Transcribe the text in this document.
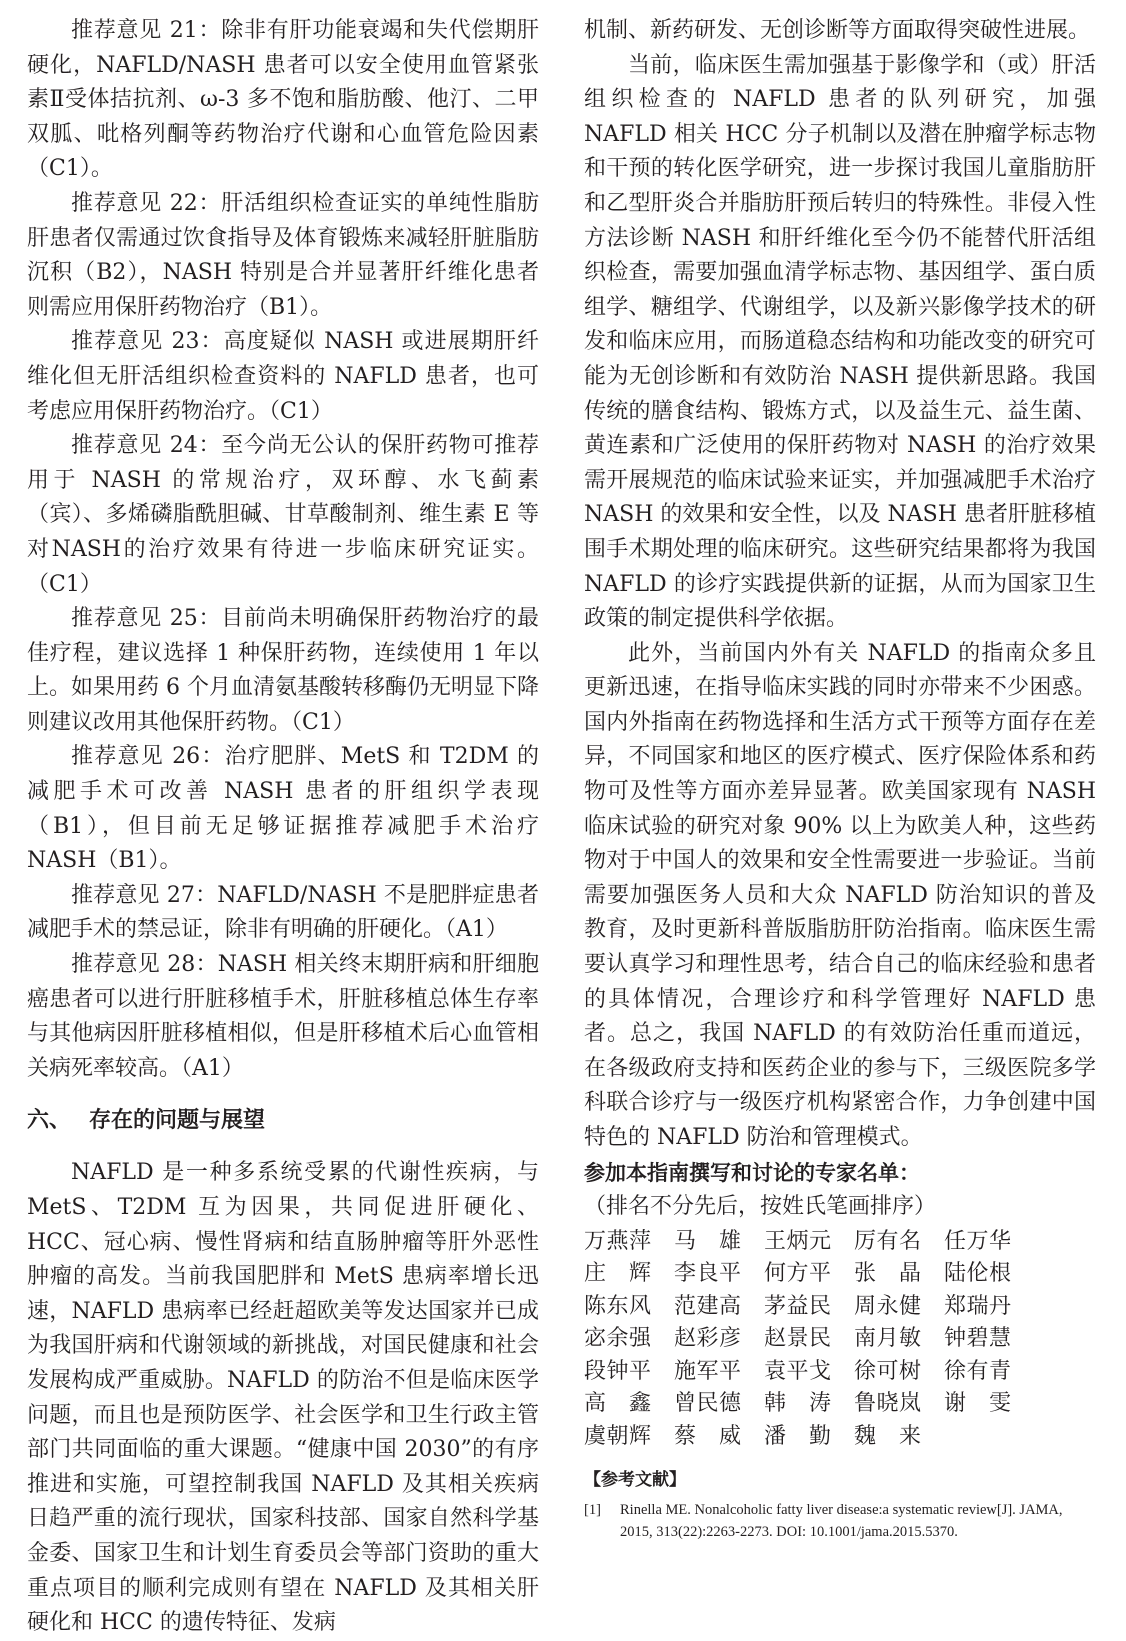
推荐意见 21：除非有肝功能衰竭和失代偿期肝硬化，NAFLD/NASH 患者可以安全使用血管紧张素Ⅱ受体拮抗剂、ω-3 多不饱和脂肪酸、他汀、二甲双胍、吡格列酮等药物治疗代谢和心血管危险因素（C1）。

推荐意见 22：肝活组织检查证实的单纯性脂肪肝患者仅需通过饮食指导及体育锻炼来减轻肝脏脂肪沉积（B2），NASH 特别是合并显著肝纤维化患者则需应用保肝药物治疗（B1）。

推荐意见 23：高度疑似 NASH 或进展期肝纤维化但无肝活组织检查资料的 NAFLD 患者，也可考虑应用保肝药物治疗。（C1）

推荐意见 24：至今尚无公认的保肝药物可推荐用于 NASH 的常规治疗，双环醇、水飞蓟素（宾）、多烯磷脂酰胆碱、甘草酸制剂、维生素 E 等对NASH的治疗效果有待进一步临床研究证实。（C1）

推荐意见 25：目前尚未明确保肝药物治疗的最佳疗程，建议选择 1 种保肝药物，连续使用 1 年以上。如果用药 6 个月血清氨基酸转移酶仍无明显下降则建议改用其他保肝药物。（C1）

推荐意见 26：治疗肥胖、MetS 和 T2DM 的减肥手术可改善 NASH 患者的肝组织学表现（B1），但目前无足够证据推荐减肥手术治疗 NASH（B1）。

推荐意见 27：NAFLD/NASH 不是肥胖症患者减肥手术的禁忌证，除非有明确的肝硬化。（A1）

推荐意见 28：NASH 相关终末期肝病和肝细胞癌患者可以进行肝脏移植手术，肝脏移植总体生存率与其他病因肝脏移植相似，但是肝移植术后心血管相关病死率较高。（A1）

六、 存在的问题与展望

NAFLD 是一种多系统受累的代谢性疾病，与 MetS、T2DM 互为因果，共同促进肝硬化、HCC、冠心病、慢性肾病和结直肠肿瘤等肝外恶性肿瘤的高发。当前我国肥胖和 MetS 患病率增长迅速，NAFLD 患病率已经赶超欧美等发达国家并已成为我国肝病和代谢领域的新挑战，对国民健康和社会发展构成严重威胁。NAFLD 的防治不但是临床医学问题，而且也是预防医学、社会医学和卫生行政主管部门共同面临的重大课题。“健康中国 2030”的有序推进和实施，可望控制我国 NAFLD 及其相关疾病日趋严重的流行现状，国家科技部、国家自然科学基金委、国家卫生和计划生育委员会等部门资助的重大重点项目的顺利完成则有望在 NAFLD 及其相关肝硬化和 HCC 的遗传特征、发病

机制、新药研发、无创诊断等方面取得突破性进展。

当前，临床医生需加强基于影像学和（或）肝活组织检查的 NAFLD 患者的队列研究，加强 NAFLD 相关 HCC 分子机制以及潜在肿瘤学标志物和干预的转化医学研究，进一步探讨我国儿童脂肪肝和乙型肝炎合并脂肪肝预后转归的特殊性。非侵入性方法诊断 NASH 和肝纤维化至今仍不能替代肝活组织检查，需要加强血清学标志物、基因组学、蛋白质组学、糖组学、代谢组学，以及新兴影像学技术的研发和临床应用，而肠道稳态结构和功能改变的研究可能为无创诊断和有效防治 NASH 提供新思路。我国传统的膳食结构、锻炼方式，以及益生元、益生菌、黄连素和广泛使用的保肝药物对 NASH 的治疗效果需开展规范的临床试验来证实，并加强减肥手术治疗 NASH 的效果和安全性，以及 NASH 患者肝脏移植围手术期处理的临床研究。这些研究结果都将为我国 NAFLD 的诊疗实践提供新的证据，从而为国家卫生政策的制定提供科学依据。

此外，当前国内外有关 NAFLD 的指南众多且更新迅速，在指导临床实践的同时亦带来不少困惑。国内外指南在药物选择和生活方式干预等方面存在差异，不同国家和地区的医疗模式、医疗保险体系和药物可及性等方面亦差异显著。欧美国家现有 NASH 临床试验的研究对象 90% 以上为欧美人种，这些药物对于中国人的效果和安全性需要进一步验证。当前需要加强医务人员和大众 NAFLD 防治知识的普及教育，及时更新科普版脂肪肝防治指南。临床医生需要认真学习和理性思考，结合自己的临床经验和患者的具体情况，合理诊疗和科学管理好 NAFLD 患者。总之，我国 NAFLD 的有效防治任重而道远，在各级政府支持和医药企业的参与下，三级医院多学科联合诊疗与一级医疗机构紧密合作，力争创建中国特色的 NAFLD 防治和管理模式。

参加本指南撰写和讨论的专家名单：

（排名不分先后，按姓氏笔画排序）

万燕萍	马　雄	王炳元	厉有名	任万华
庄　辉	李良平	何方平	张　晶	陆伦根
陈东风	范建高	茅益民	周永健	郑瑞丹
宓余强	赵彩彦	赵景民	南月敏	钟碧慧
段钟平	施军平	袁平戈	徐可树	徐有青
高　鑫	曾民德	韩　涛	鲁晓岚	谢　雯
虞朝辉	蔡　威	潘　勤	魏　来
【参考文献】
[1]	Rinella ME. Nonalcoholic fatty liver disease:a systematic review[J]. JAMA, 2015, 313(22):2263-2273. DOI: 10.1001/jama.2015.5370.
